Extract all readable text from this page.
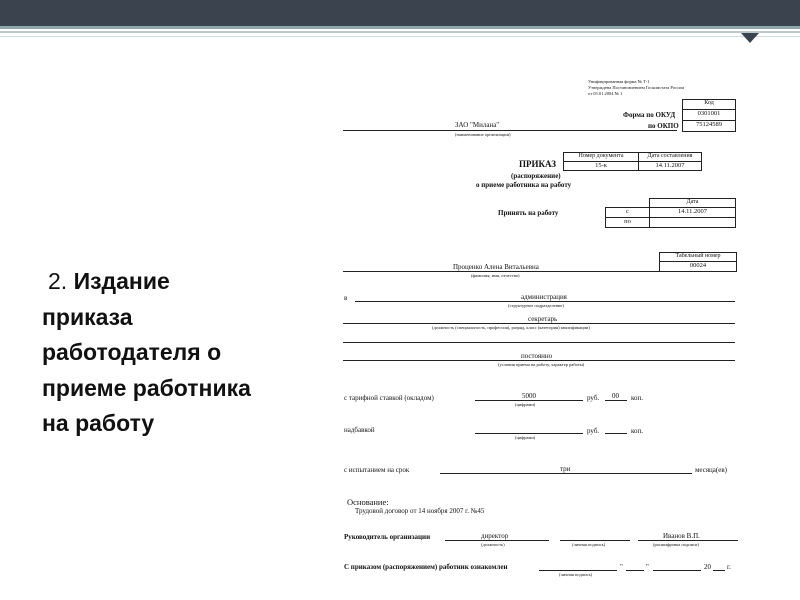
2. Издание
приказа
работодателя о
приеме работника
на работу
Унифицированная форма № Т-1
Утверждена Постановлением Госкомстата России
от 05.01.2004 № 1
Код
Форма по ОКУД	0301001
по ОКПО	75124589
ЗАО "Милана"
(наименование организации)
Номер документа	Дата составления
15-к	14.11.2007
ПРИКАЗ
(распоряжение)
о приеме работника на работу
Дата
Принять на работу	с	14.11.2007
по
Табельный номер
00024
Проценко Алена Витальевна
(фамилия, имя, отчество)
в	администрация
(структурное подразделение)
секретарь
(должность (специальность, профессия), разряд, класс (категория) квалификации)
постоянно
(условия приема на работу, характер работы)
с тарифной ставкой (окладом)	5000	руб. 00 коп.
(цифрами)
надбавкой	руб.	коп.
(цифрами)
с испытанием на срок	три	месяца(ев)
Основание:
Трудовой договор от 14 ноября 2007 г. №45
Руководитель организации	директор
(должность)	(личная подпись)
Иванов В.П.
(расшифровка подписи)
С приказом (распоряжением) работник ознакомлен
(личная подпись)
"	"	20 г.
